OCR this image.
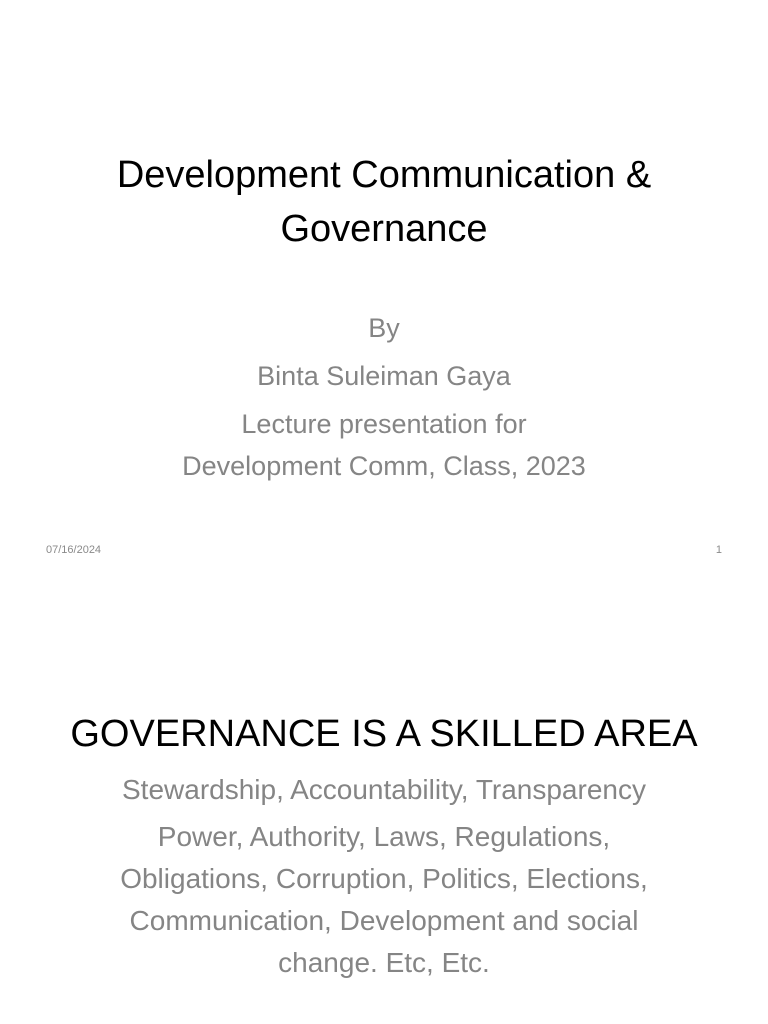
Development Communication &
Governance
By
Binta Suleiman Gaya
Lecture presentation for
Development Comm, Class, 2023
07/16/2024	1
GOVERNANCE IS A SKILLED AREA
Stewardship, Accountability, Transparency
Power, Authority, Laws, Regulations, Obligations, Corruption, Politics, Elections, Communication, Development and social change. Etc, Etc.
